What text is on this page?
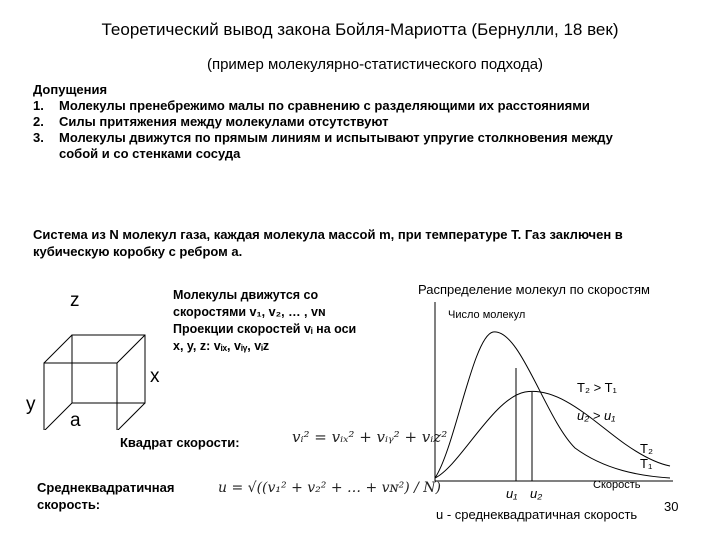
Теоретический вывод закона Бойля-Мариотта (Бернулли, 18 век)
(пример молекулярно-статистического подхода)
Допущения
1. Молекулы пренебрежимо малы по сравнению с разделяющими их расстояниями
2. Силы притяжения между молекулами отсутствуют
3. Молекулы движутся по прямым линиям и испытывают упругие столкновения между
собой и со стенками сосуда
Система из N молекул газа, каждая молекула массой m, при температуре T. Газ заключен в кубическую коробку с ребром а.
z
x
y
a
Молекулы движутся со
скоростями v₁, v₂, … , vɴ
Проекции скоростей vᵢ на оси
x, y, z: vᵢₓ, vᵢᵧ, vᵢz
Квадрат скорости:	vᵢ² = vᵢₓ² + vᵢᵧ² + vᵢz²
Среднеквадратичная
скорость:
u = √((v₁² + v₂² + … + vɴ²) / N)
Распределение молекул по скоростям
Число молекул
T₂ > T₁
u₂ > u₁
T₂
T₁
Скорость
u₁ u₂
u - среднеквадратичная скорость
30
